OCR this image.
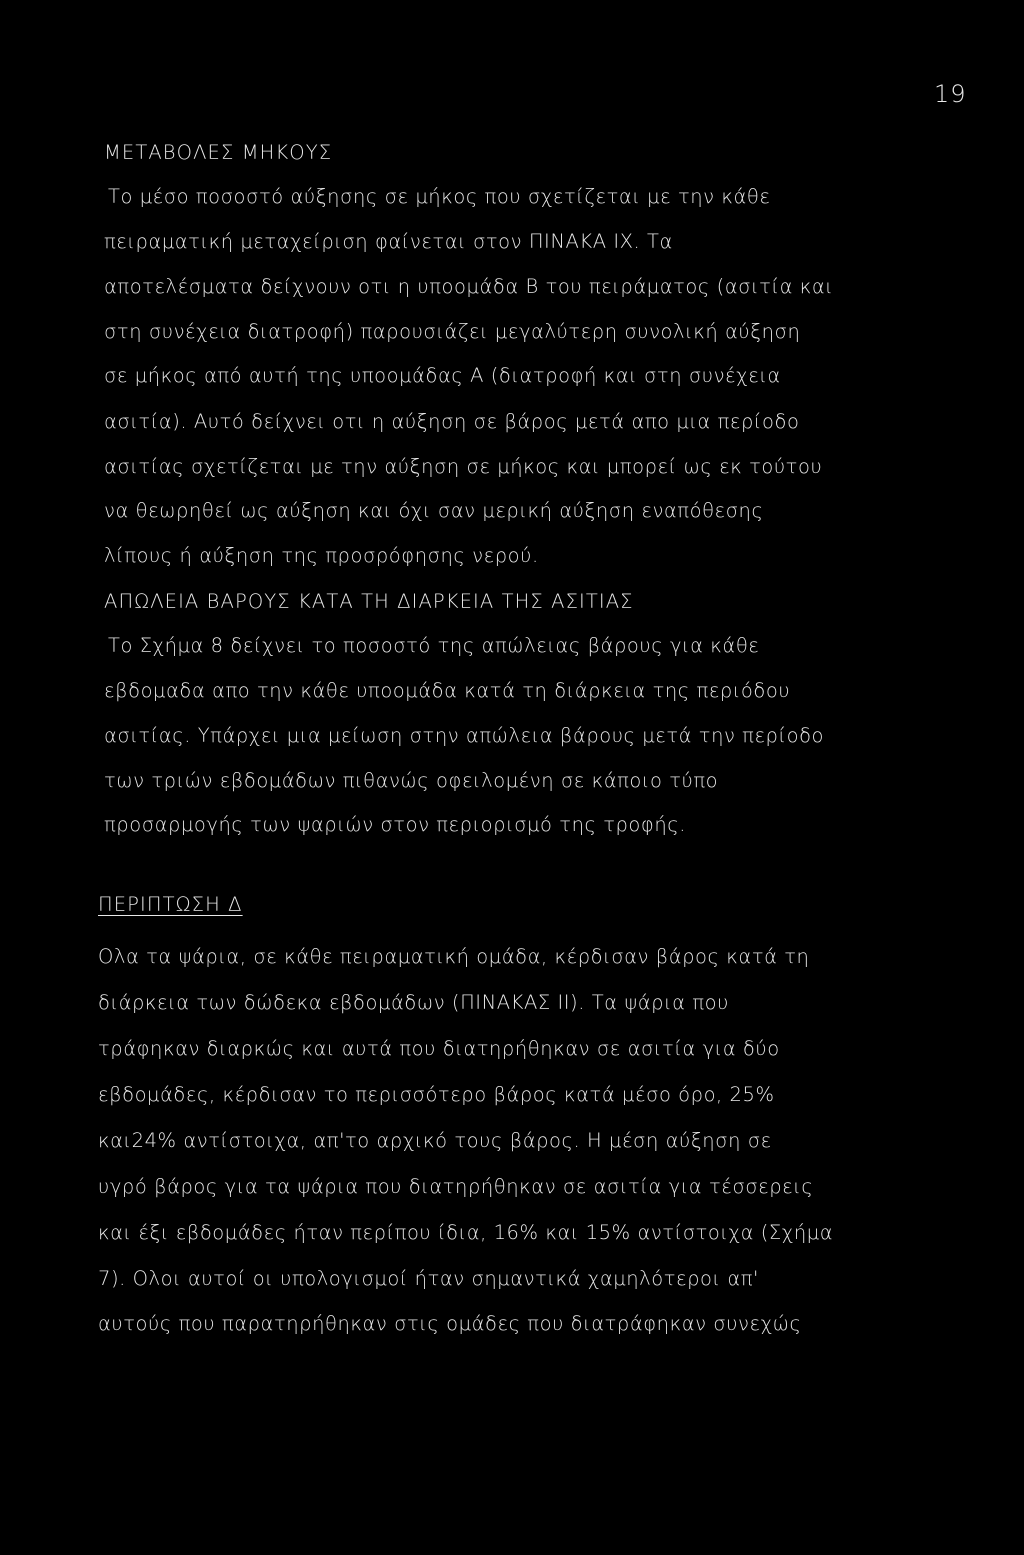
19
ΜΕΤΑΒΟΛΕΣ ΜΗΚΟΥΣ
Το μέσο ποσοστό αύξησης σε μήκος που σχετίζεται με την κάθε
πειραματική μεταχείριση φαίνεται στον ΠΙΝΑΚΑ ΙΧ. Τα
αποτελέσματα δείχνουν οτι η υποομάδα Β του πειράματος (ασιτία και
στη συνέχεια διατροφή) παρουσιάζει μεγαλύτερη συνολική αύξηση
σε μήκος από αυτή της υποομάδας Α (διατροφή και στη συνέχεια
ασιτία). Αυτό δείχνει οτι η αύξηση σε βάρος μετά απο μια περίοδο
ασιτίας σχετίζεται με την αύξηση σε μήκος και μπορεί ως εκ τούτου
να θεωρηθεί ως αύξηση και όχι σαν μερική αύξηση εναπόθεσης
λίπους ή αύξηση της προσρόφησης νερού.
ΑΠΩΛΕΙΑ ΒΑΡΟΥΣ ΚΑΤΑ ΤΗ ΔΙΑΡΚΕΙΑ ΤΗΣ ΑΣΙΤΙΑΣ
Το Σχήμα 8 δείχνει το ποσοστό της απώλειας βάρους για κάθε
εβδομαδα απο την κάθε υποομάδα κατά τη διάρκεια της περιόδου
ασιτίας. Υπάρχει μια μείωση στην απώλεια βάρους μετά την περίοδο
των τριών εβδομάδων πιθανώς οφειλομένη σε κάποιο τύπο
προσαρμογής των ψαριών στον περιορισμό της τροφής.
ΠΕΡΙΠΤΩΣΗ Δ
Ολα τα ψάρια, σε κάθε πειραματική ομάδα, κέρδισαν βάρος κατά τη
διάρκεια των δώδεκα εβδομάδων (ΠΙΝΑΚΑΣ ΙΙ). Τα ψάρια που
τράφηκαν διαρκώς και αυτά που διατηρήθηκαν σε ασιτία για δύο
εβδομάδες, κέρδισαν το περισσότερο βάρος κατά μέσο όρο, 25%
και24% αντίστοιχα, απ'το αρχικό τους βάρος. Η μέση αύξηση σε
υγρό βάρος για τα ψάρια που διατηρήθηκαν σε ασιτία για τέσσερεις
και έξι εβδομάδες ήταν περίπου ίδια, 16% και 15% αντίστοιχα (Σχήμα
7). Ολοι αυτοί οι υπολογισμοί ήταν σημαντικά χαμηλότεροι απ'
αυτούς που παρατηρήθηκαν στις ομάδες που διατράφηκαν συνεχώς
